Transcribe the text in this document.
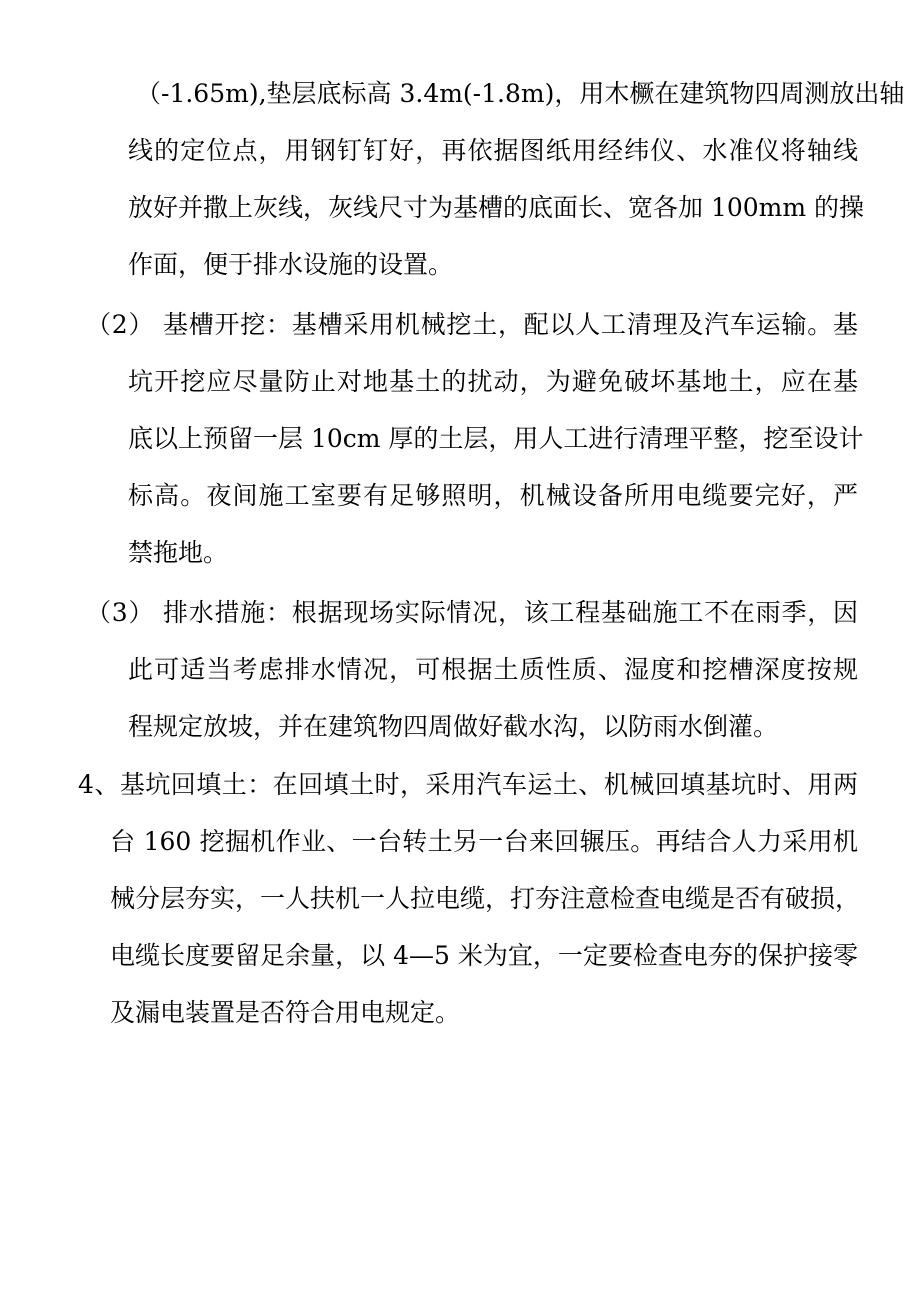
（-1.65m),垫层底标高 3.4m(-1.8m)，用木橛在建筑物四周测放出轴
线的定位点，用钢钉钉好，再依据图纸用经纬仪、水准仪将轴线
放好并撒上灰线，灰线尺寸为基槽的底面长、宽各加 100mm 的操
作面，便于排水设施的设置。
（2） 基槽开挖：基槽采用机械挖土，配以人工清理及汽车运输。基
坑开挖应尽量防止对地基土的扰动，为避免破坏基地土，应在基
底以上预留一层 10cm 厚的土层，用人工进行清理平整，挖至设计
标高。夜间施工室要有足够照明，机械设备所用电缆要完好，严
禁拖地。
（3） 排水措施：根据现场实际情况，该工程基础施工不在雨季，因
此可适当考虑排水情况，可根据土质性质、湿度和挖槽深度按规
程规定放坡，并在建筑物四周做好截水沟，以防雨水倒灌。
4、基坑回填土：在回填土时，采用汽车运土、机械回填基坑时、用两
台 160 挖掘机作业、一台转土另一台来回辗压。再结合人力采用机
械分层夯实，一人扶机一人拉电缆，打夯注意检查电缆是否有破损，
电缆长度要留足余量，以 4—5 米为宜，一定要检查电夯的保护接零
及漏电装置是否符合用电规定。
